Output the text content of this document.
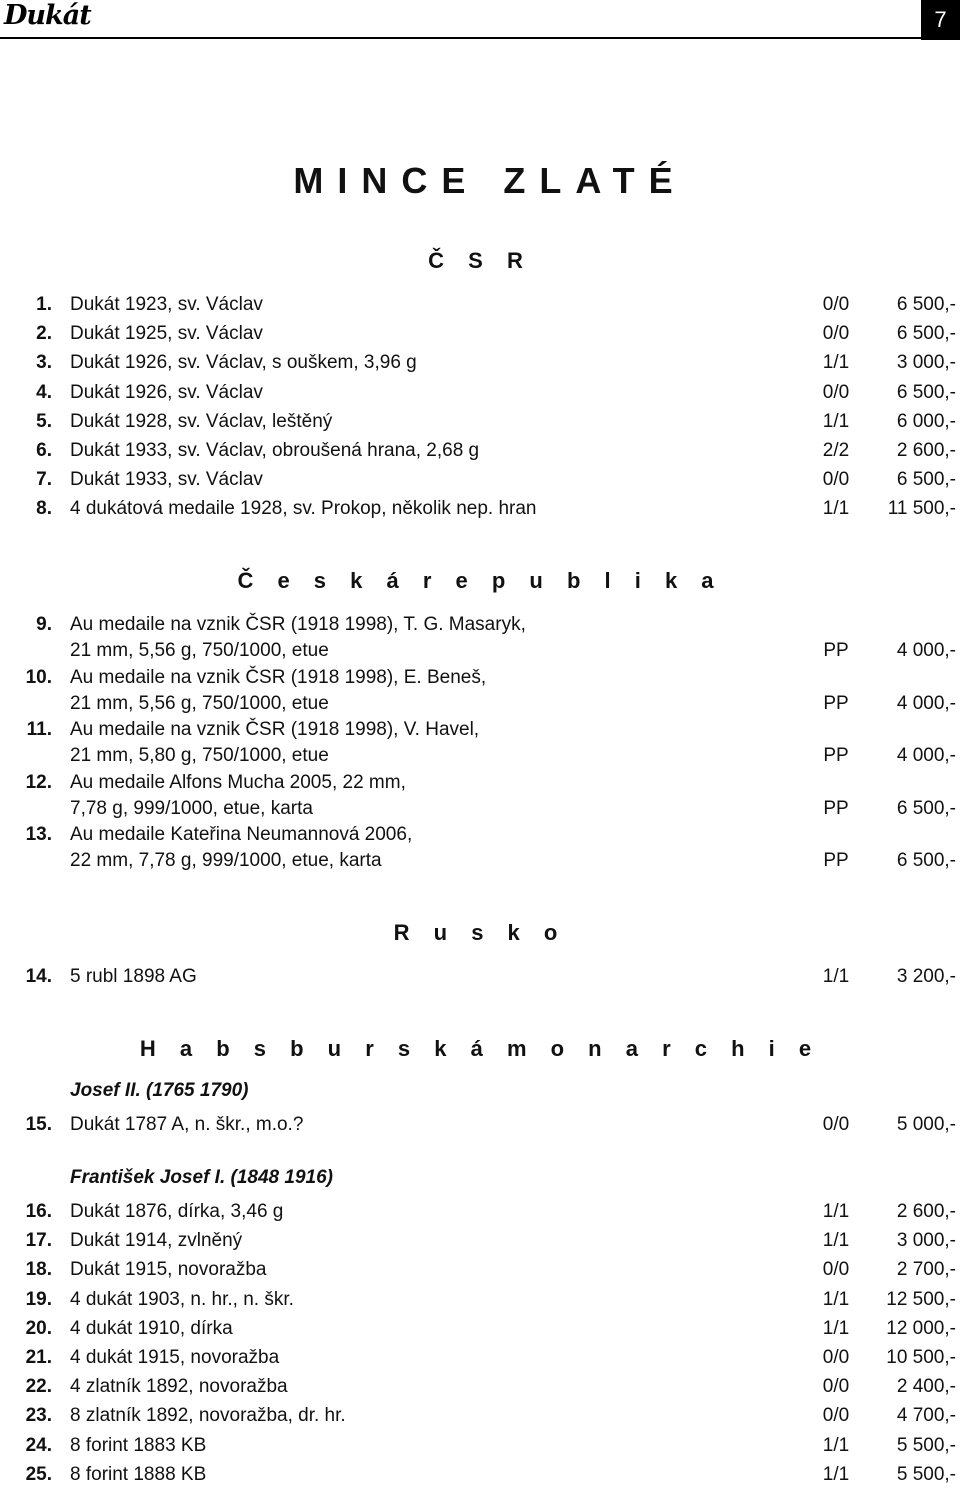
Dukát	7
MINCE ZLATÉ
Č S R
1. Dukát 1923, sv. Václav	0/0	6 500,-
2. Dukát 1925, sv. Václav	0/0	6 500,-
3. Dukát 1926, sv. Václav, s ouškem, 3,96 g	1/1	3 000,-
4. Dukát 1926, sv. Václav	0/0	6 500,-
5. Dukát 1928, sv. Václav, leštěný	1/1	6 000,-
6. Dukát 1933, sv. Václav, obroušená hrana, 2,68 g	2/2	2 600,-
7. Dukát 1933, sv. Václav	0/0	6 500,-
8. 4 dukátová medaile 1928, sv. Prokop, několik nep. hran	1/1	11 500,-
Č e s k á r e p u b l i k a
9. Au medaile na vznik ČSR (1918 1998), T. G. Masaryk,
21 mm, 5,56 g, 750/1000, etue	PP	4 000,-
10. Au medaile na vznik ČSR (1918 1998), E. Beneš,
21 mm, 5,56 g, 750/1000, etue	PP	4 000,-
11. Au medaile na vznik ČSR (1918 1998), V. Havel,
21 mm, 5,80 g, 750/1000, etue	PP	4 000,-
12. Au medaile Alfons Mucha 2005, 22 mm,
7,78 g, 999/1000, etue, karta	PP	6 500,-
13. Au medaile Kateřina Neumannová 2006,
22 mm, 7,78 g, 999/1000, etue, karta	PP	6 500,-
R u s k o
14. 5 rubl 1898 AG	1/1	3 200,-
H a b s b u r s k á m o n a r c h i e
Josef II. (1765 1790)
15. Dukát 1787 A, n. škr., m.o.?	0/0	5 000,-
František Josef I. (1848 1916)
16. Dukát 1876, dírka, 3,46 g	1/1	2 600,-
17. Dukát 1914, zvlněný	1/1	3 000,-
18. Dukát 1915, novoražba	0/0	2 700,-
19. 4 dukát 1903, n. hr., n. škr.	1/1	12 500,-
20. 4 dukát 1910, dírka	1/1	12 000,-
21. 4 dukát 1915, novoražba	0/0	10 500,-
22. 4 zlatník 1892, novoražba	0/0	2 400,-
23. 8 zlatník 1892, novoražba, dr. hr.	0/0	4 700,-
24. 8 forint 1883 KB	1/1	5 500,-
25. 8 forint 1888 KB	1/1	5 500,-
